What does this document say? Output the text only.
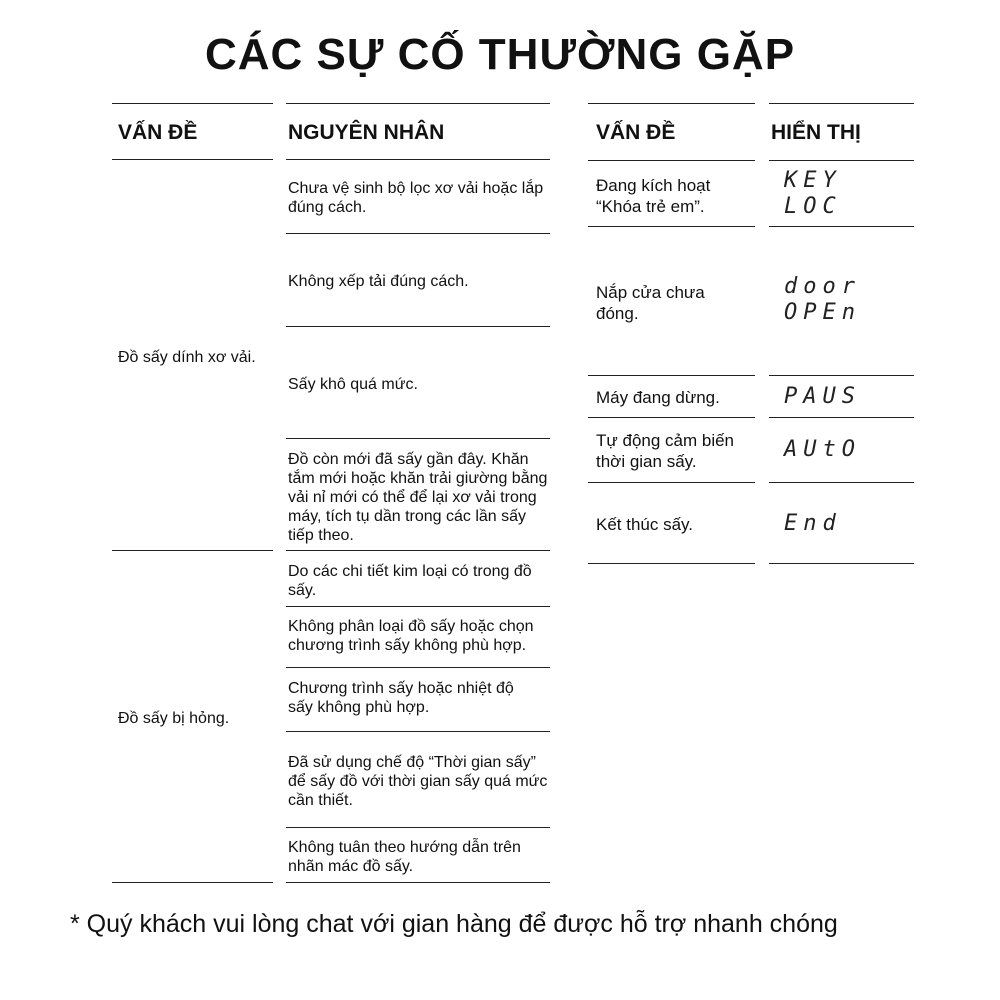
CÁC SỰ CỐ THƯỜNG GẶP
VẤN ĐỀ	NGUYÊN NHÂN
Đồ sấy dính xơ vải.
Đồ sấy bị hỏng.
Chưa vệ sinh bộ lọc xơ vải hoặc lắp đúng cách.
Không xếp tải đúng cách.
Sấy khô quá mức.
Đồ còn mới đã sấy gần đây. Khăn tắm mới hoặc khăn trải giường bằng vải nỉ mới có thể để lại xơ vải trong máy, tích tụ dần trong các lần sấy tiếp theo.
Do các chi tiết kim loại có trong đồ sấy.
Không phân loại đồ sấy hoặc chọn chương trình sấy không phù hợp.
Chương trình sấy hoặc nhiệt độ sấy không phù hợp.
Đã sử dụng chế độ “Thời gian sấy” để sấy đồ với thời gian sấy quá mức cần thiết.
Không tuân theo hướng dẫn trên nhãn mác đồ sấy.
VẤN ĐỀ	HIỂN THỊ
Đang kích hoạt “Khóa trẻ em”.
Nắp cửa chưa đóng.
Máy đang dừng.
Tự động cảm biến thời gian sấy.
Kết thúc sấy.
KEY
LOC
door
OPEn
PAUS
AUtO
End
* Quý khách vui lòng chat với gian hàng để được hỗ trợ nhanh chóng
